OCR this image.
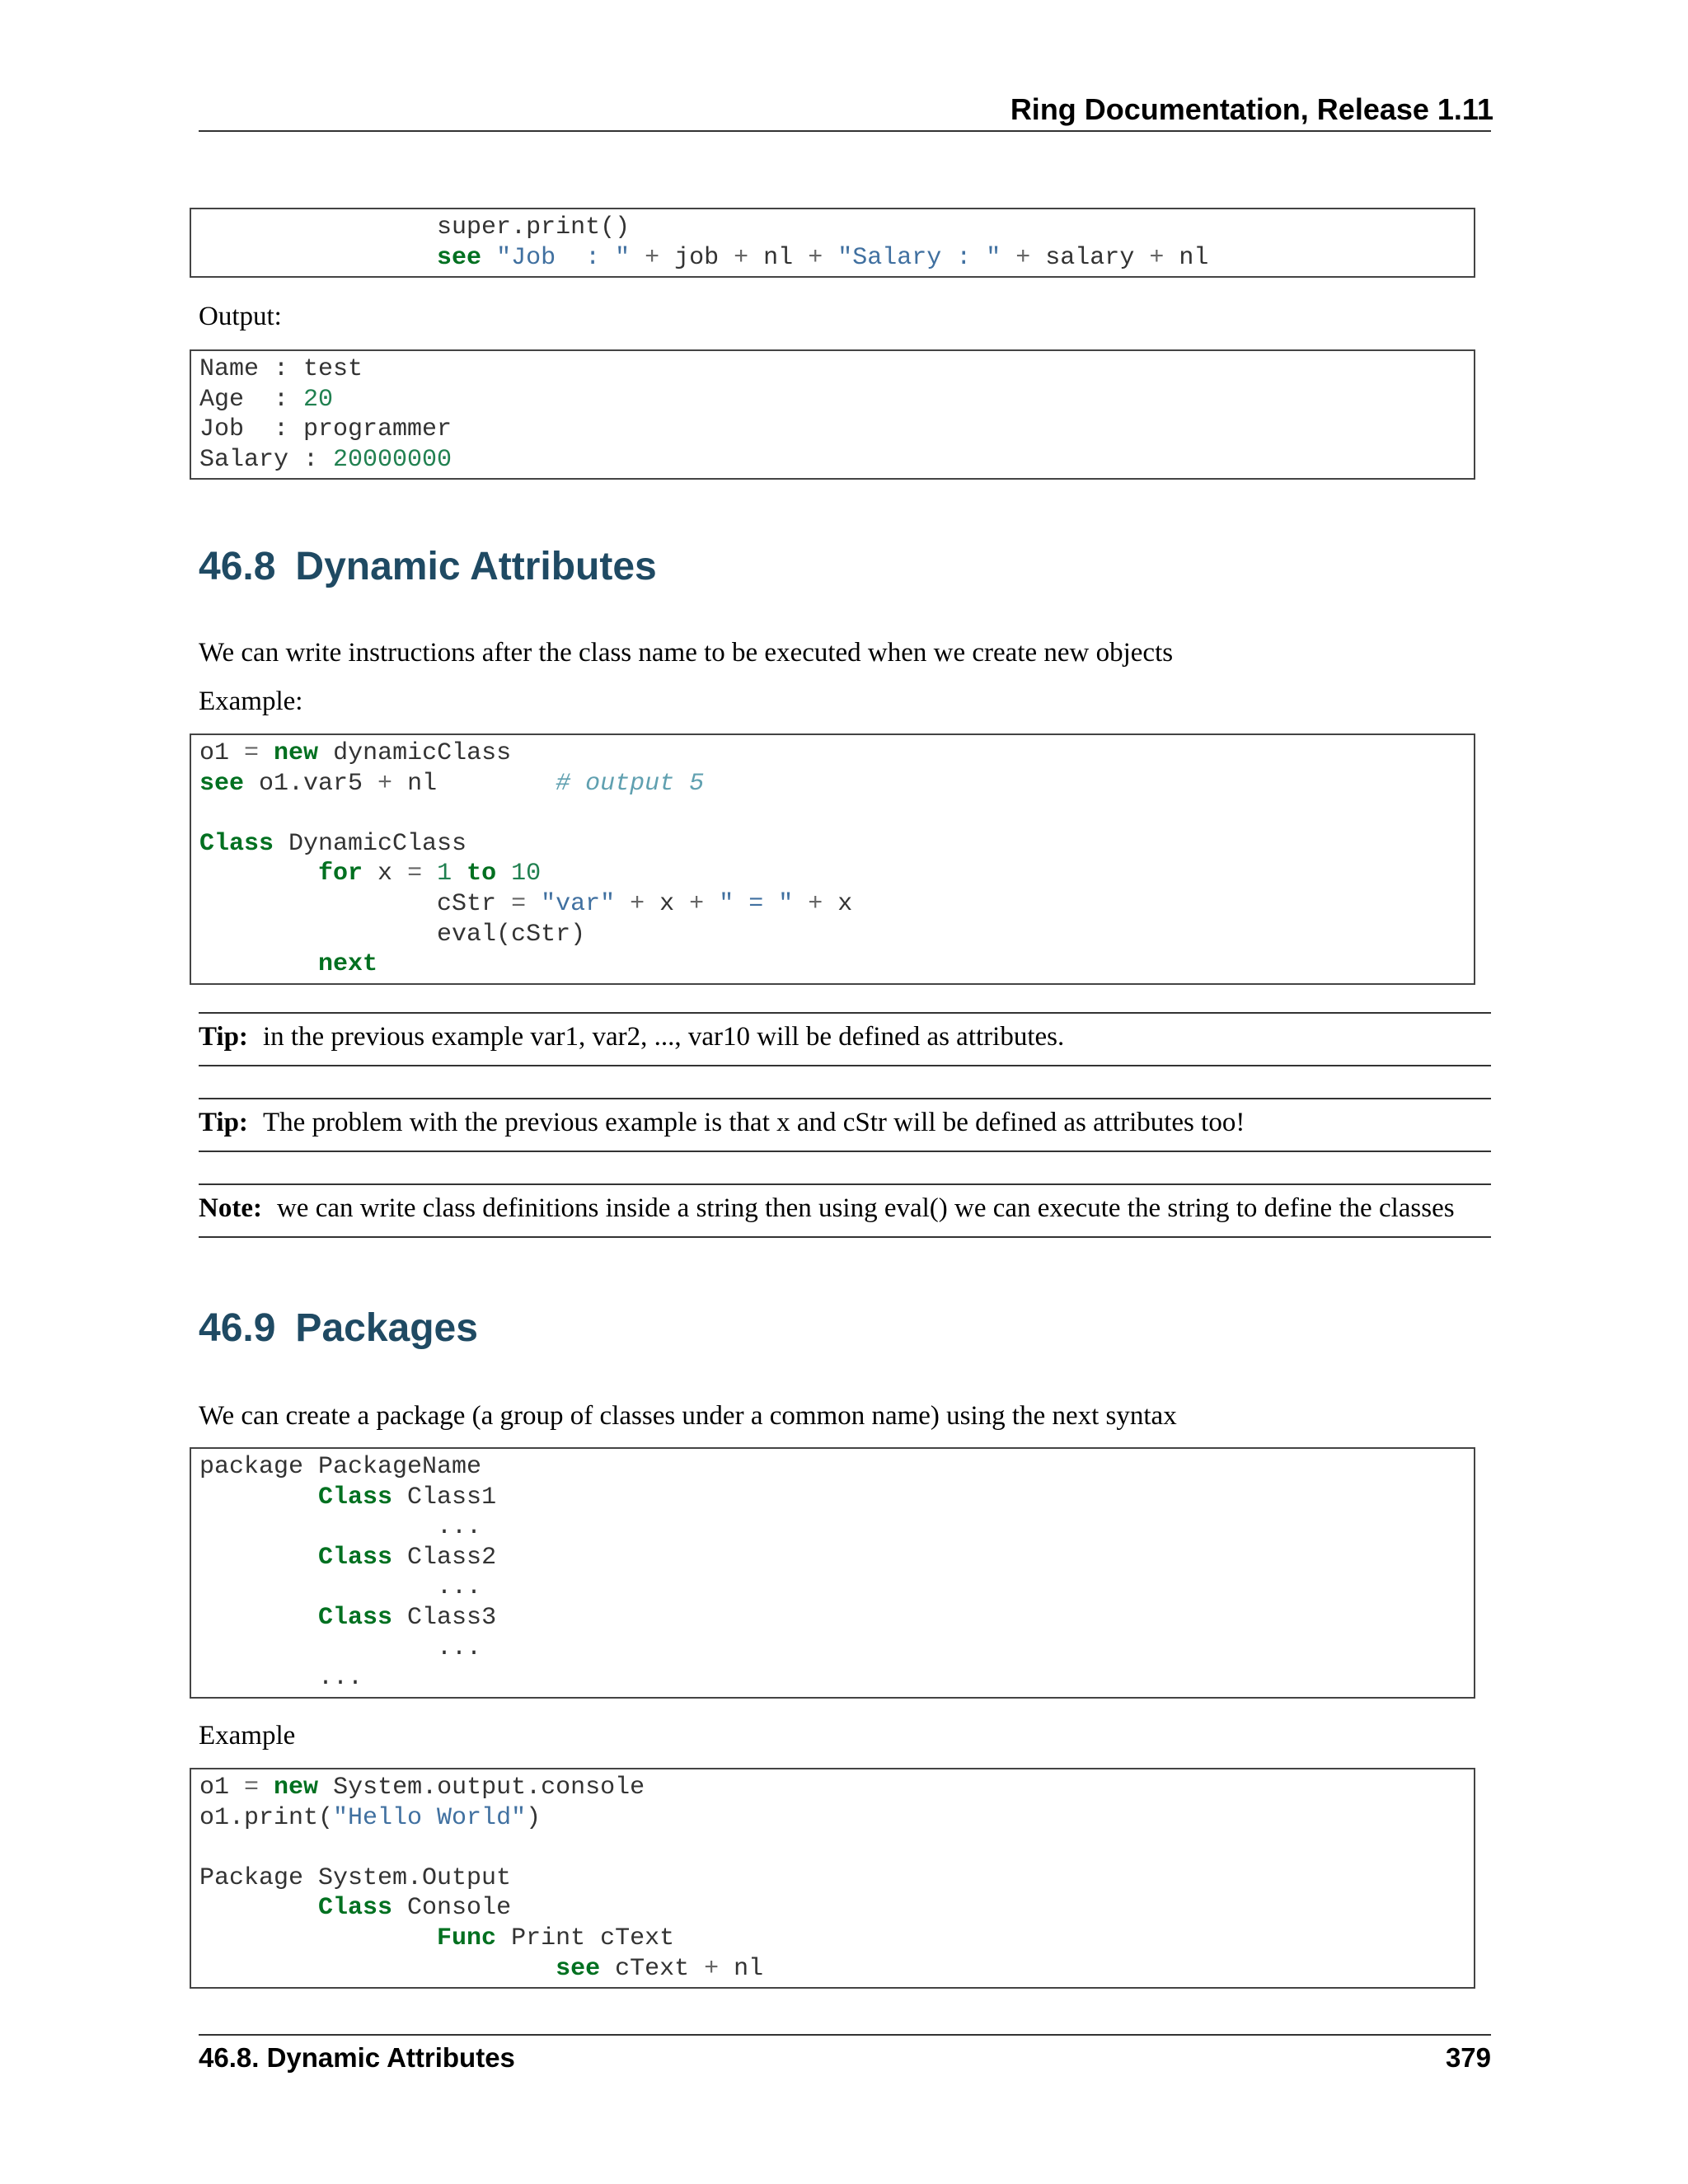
Ring Documentation, Release 1.11
super.print()
see "Job  : " + job + nl + "Salary : " + salary + nl
Output:
Name : test
Age  : 20
Job  : programmer
Salary : 20000000
46.8 Dynamic Attributes
We can write instructions after the class name to be executed when we create new objects
Example:
o1 = new dynamicClass
see o1.var5 + nl        # output 5
Class DynamicClass
for x = 1 to 10
cStr = "var" + x + " = " + x
eval(cStr)
next
Tip: in the previous example var1, var2, ..., var10 will be defined as attributes.
Tip: The problem with the previous example is that x and cStr will be defined as attributes too!
Note: we can write class definitions inside a string then using eval() we can execute the string to define the classes
46.9 Packages
We can create a package (a group of classes under a common name) using the next syntax
package PackageName
Class Class1
...
Class Class2
...
Class Class3
...
...
Example
o1 = new System.output.console
o1.print("Hello World")
Package System.Output
Class Console
Func Print cText
see cText + nl
46.8. Dynamic Attributes	379
